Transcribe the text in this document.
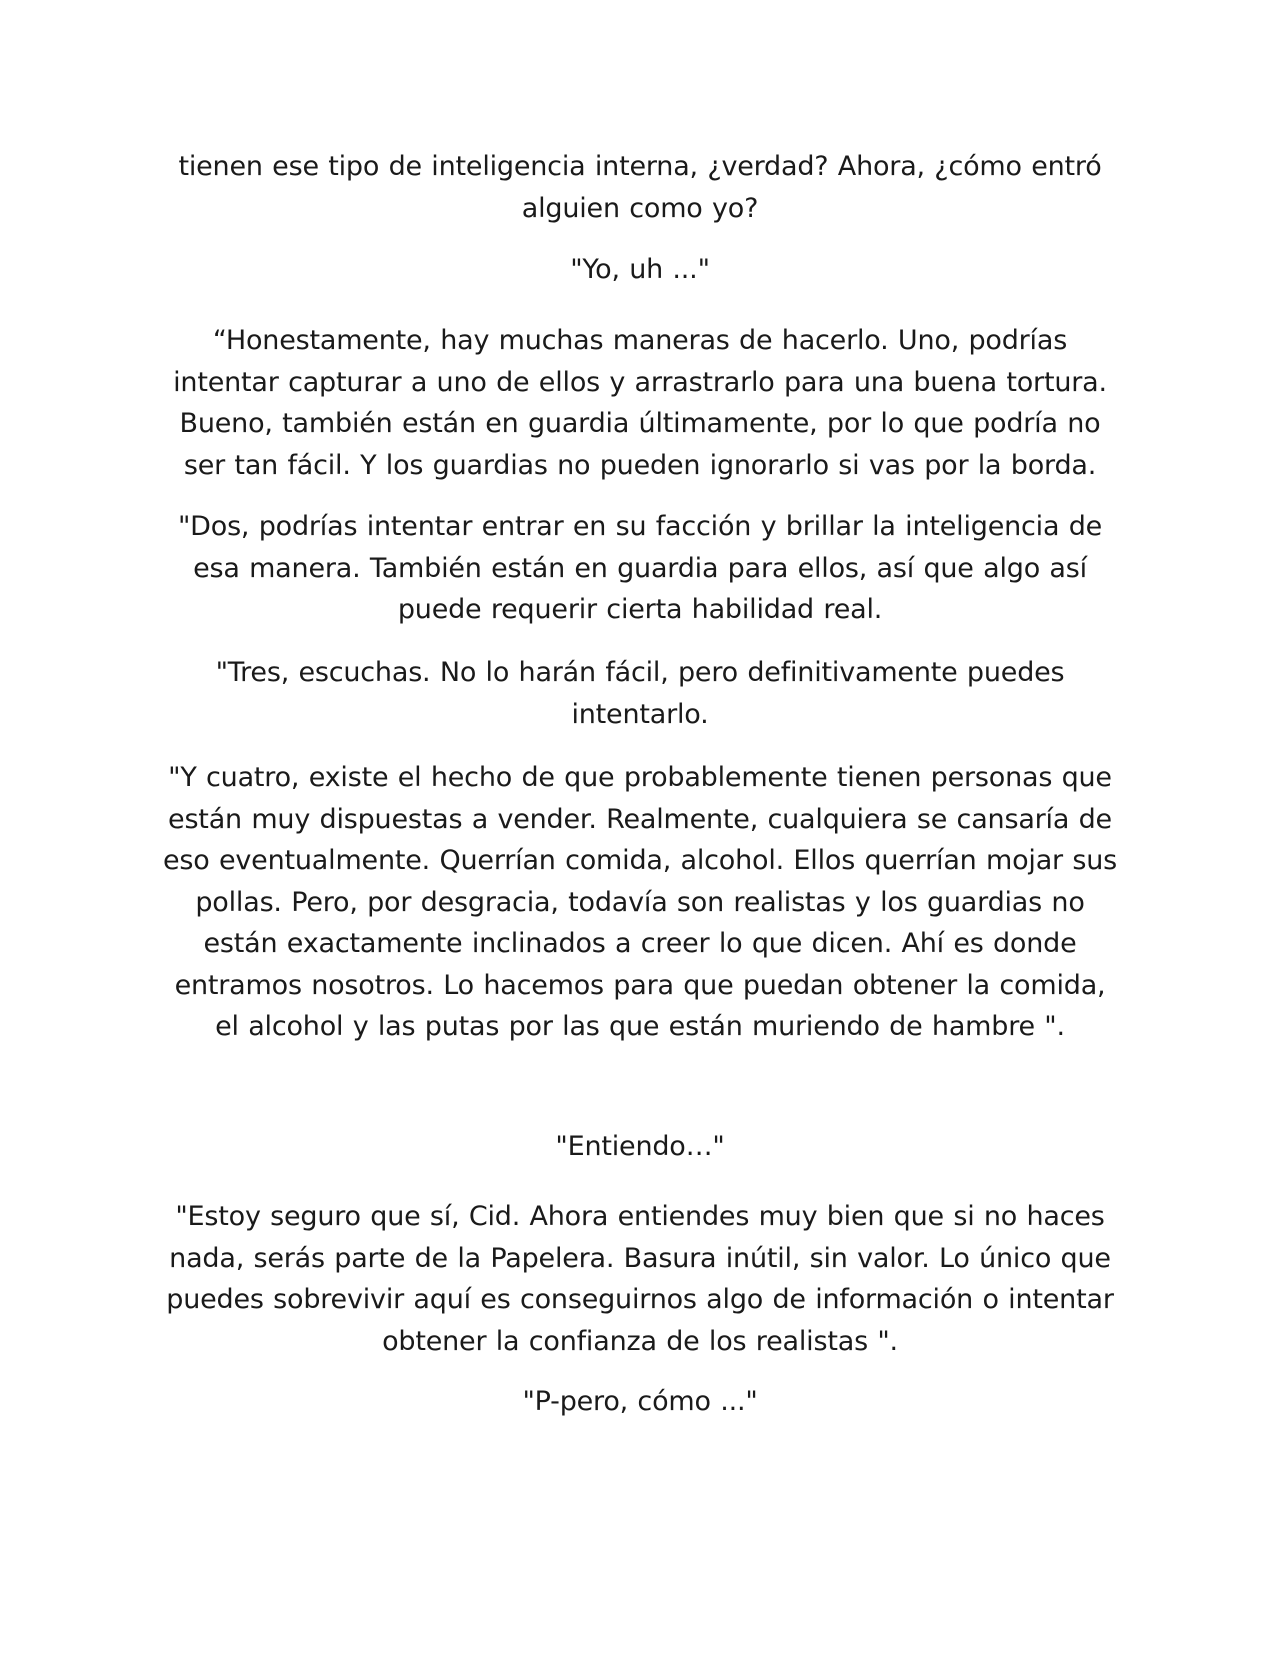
tienen ese tipo de inteligencia interna, ¿verdad? Ahora, ¿cómo entró alguien como yo?

"Yo, uh ..."

“Honestamente, hay muchas maneras de hacerlo. Uno, podrías intentar capturar a uno de ellos y arrastrarlo para una buena tortura. Bueno, también están en guardia últimamente, por lo que podría no ser tan fácil. Y los guardias no pueden ignorarlo si vas por la borda.

"Dos, podrías intentar entrar en su facción y brillar la inteligencia de esa manera. También están en guardia para ellos, así que algo así puede requerir cierta habilidad real.

"Tres, escuchas. No lo harán fácil, pero definitivamente puedes intentarlo.

"Y cuatro, existe el hecho de que probablemente tienen personas que están muy dispuestas a vender. Realmente, cualquiera se cansaría de eso eventualmente. Querrían comida, alcohol. Ellos querrían mojar sus pollas. Pero, por desgracia, todavía son realistas y los guardias no están exactamente inclinados a creer lo que dicen. Ahí es donde entramos nosotros. Lo hacemos para que puedan obtener la comida, el alcohol y las putas por las que están muriendo de hambre ".

"Entiendo…"

"Estoy seguro que sí, Cid. Ahora entiendes muy bien que si no haces nada, serás parte de la Papelera. Basura inútil, sin valor. Lo único que puedes sobrevivir aquí es conseguirnos algo de información o intentar obtener la confianza de los realistas ".

"P-pero, cómo ..."
